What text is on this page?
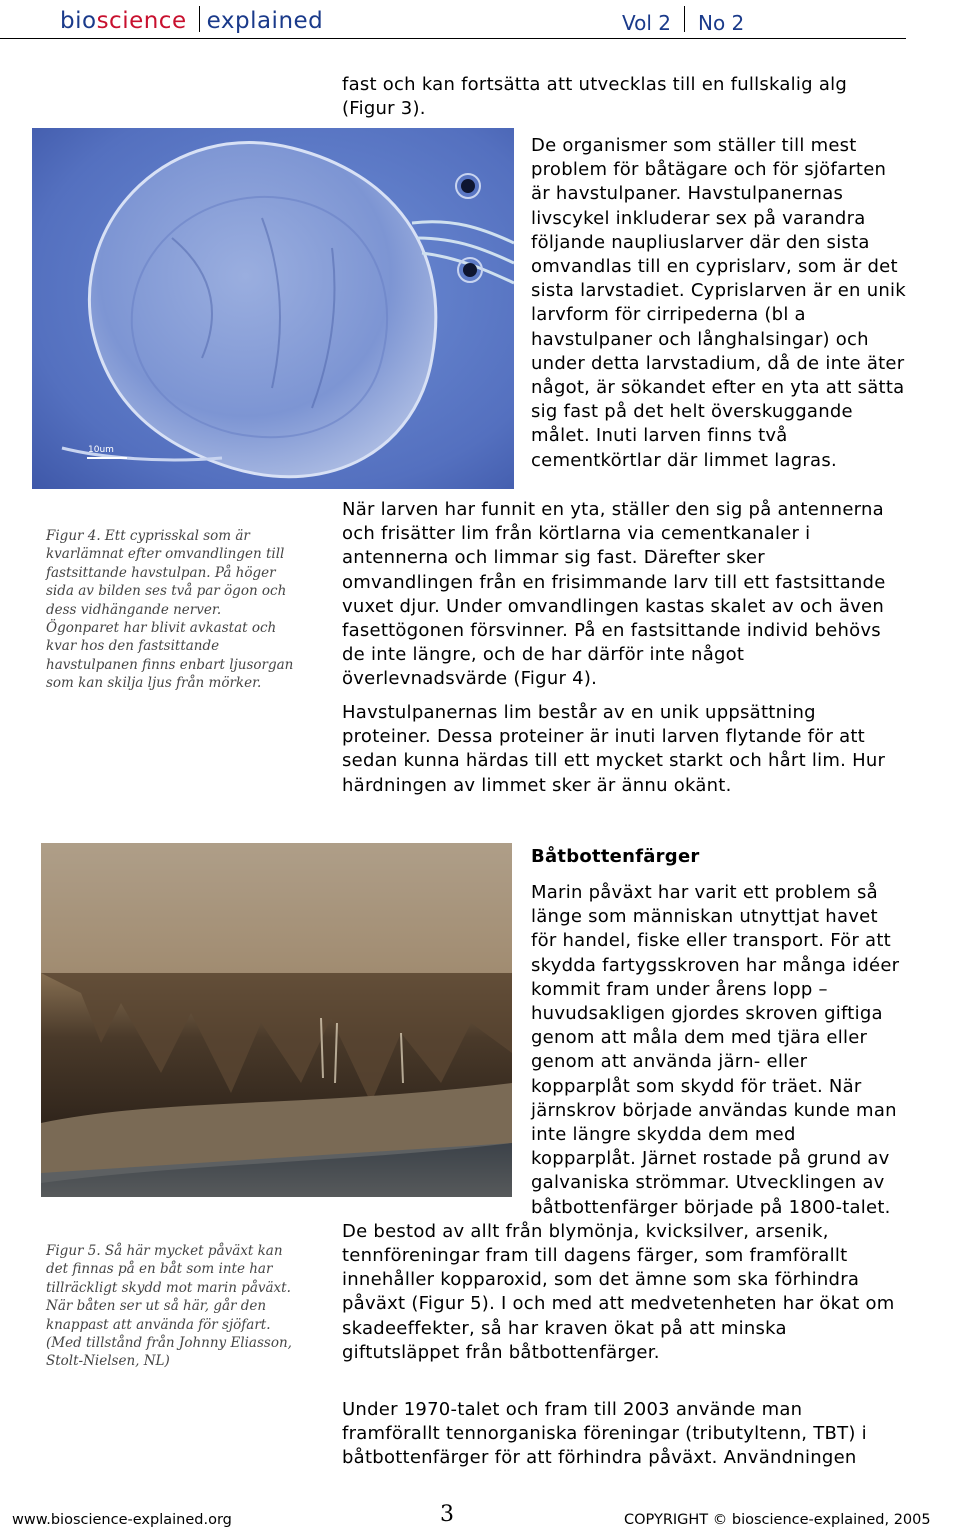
bioscience explained	Vol 2 No 2

fast och kan fortsätta att utvecklas till en fullskalig alg (Figur 3).

10um

Figur 4. Ett cyprisskal som är kvarlämnat efter omvandlingen till fastsittande havstulpan. På höger sida av bilden ses två par ögon och dess vidhängande nerver. Ögonparet har blivit avkastat och kvar hos den fastsittande havstulpanen finns enbart ljusorgan som kan skilja ljus från mörker.

De organismer som ställer till mest problem för båtägare och för sjöfarten är havstulpaner. Havstulpanernas livscykel inkluderar sex på varandra följande naupliuslarver där den sista omvandlas till en cyprislarv, som är det sista larvstadiet. Cyprislarven är en unik larvform för cirripederna (bl a havstulpaner och långhalsingar) och under detta larvstadium, då de inte äter något, är sökandet efter en yta att sätta sig fast på det helt överskuggande målet. Inuti larven finns två cementkörtlar där limmet lagras.

När larven har funnit en yta, ställer den sig på antennerna och frisätter lim från körtlarna via cementkanaler i antennerna och limmar sig fast. Därefter sker omvandlingen från en frisimmande larv till ett fastsittande vuxet djur. Under omvandlingen kastas skalet av och även fasettögonen försvinner. På en fastsittande individ behövs de inte längre, och de har därför inte något överlevnadsvärde (Figur 4).

Havstulpanernas lim består av en unik uppsättning proteiner. Dessa proteiner är inuti larven flytande för att sedan kunna härdas till ett mycket starkt och hårt lim. Hur härdningen av limmet sker är ännu okänt.

Figur 5. Så här mycket påväxt kan det finnas på en båt som inte har tillräckligt skydd mot marin påväxt. När båten ser ut så här, går den knappast att använda för sjöfart. (Med tillstånd från Johnny Eliasson, Stolt-Nielsen, NL)

Båtbottenfärger

Marin påväxt har varit ett problem så länge som människan utnyttjat havet för handel, fiske eller transport. För att skydda fartygsskroven har många idéer kommit fram under årens lopp – huvudsakligen gjordes skroven giftiga genom att måla dem med tjära eller genom att använda järn- eller kopparplåt som skydd för träet. När järnskrov började användas kunde man inte längre skydda dem med kopparplåt. Järnet rostade på grund av galvaniska strömmar. Utvecklingen av båtbottenfärger började på 1800-talet. De bestod av allt från blymönja, kvicksilver, arsenik, tennföreningar fram till dagens färger, som framförallt innehåller kopparoxid, som det ämne som ska förhindra påväxt (Figur 5). I och med att medvetenheten har ökat om skadeeffekter, så har kraven ökat på att minska giftutsläppet från båtbottenfärger.

Under 1970-talet och fram till 2003 använde man framförallt tennorganiska föreningar (tributyltenn, TBT) i båtbottenfärger för att förhindra påväxt. Användningen

www.bioscience-explained.org	3	COPYRIGHT © bioscience-explained, 2005
